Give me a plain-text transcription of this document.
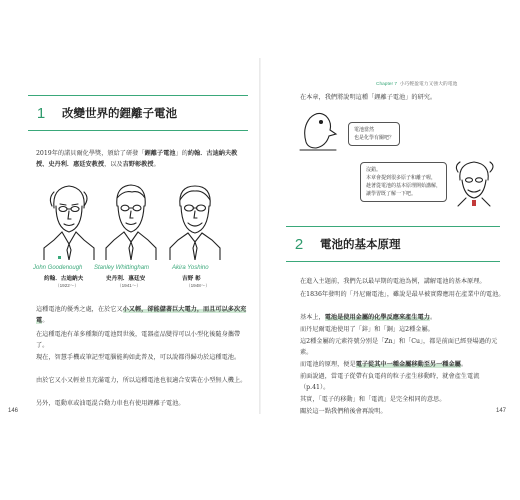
1	改變世界的鋰離子電池

2019年的諾貝爾化學獎，頒給了研發「鋰離子電池」的約翰．古迪納夫教授、史丹利．惠廷安教授，以及吉野彰教授。

John Goodenough
約翰．古迪納夫
（1922～）
Stanley Whittingham
史丹利．惠廷安
（1941～）
Akira Yoshino
吉野 彰
（1948～）

這種電池的優秀之處，在於它又小又輕，卻能儲著巨大電力，而且可以多次充電。

在這種電池有革多種類的電池問世後，電器產品變得可以小型化後隨身攜帶了。

現在，智慧手機或筆記型電腦能夠如此普及，可以說都得歸功於這種電池。

由於它又小又輕並且充滿電力，所以這種電池也很適合安裝在小型無人機上。

另外，電動車或油電混合動力車也有使用鋰離子電池。

146
Chapter 7 小巧輕盈電力又強大的電池

在本章，我們將說明這種「鋰離子電池」的研究。

電池當然
也是化學有關吧？
沒錯。
本章會提到很多原子和離子喔，
趁著從電池的基本原理開始講解，
讓學習既了解一下吧。
2	電池的基本原理

在進入主題前，我們先以最早期的電池為例，講解電池的基本原理。

在1836年發明的「丹尼爾電池」，雖說是最早被實際應用在產業中的電池。

基本上，電池是使用金屬的化學反應來產生電力。

而丹尼爾電池使用了「鋅」和「銅」這2種金屬。

這2種金屬的元素符號分別是「Zn」和「Cu」，都是前面已經登場過的元素。

而電池的原理，便是電子從其中一種金屬移動至另一種金屬。

前面說過，當電子從帶有負電荷的粒子產生移動時，就會產生電流（p.41）。

其實，「電子的移動」和「電流」是完全相同的意思。

關於這一點我們稍後會再說明。	147
